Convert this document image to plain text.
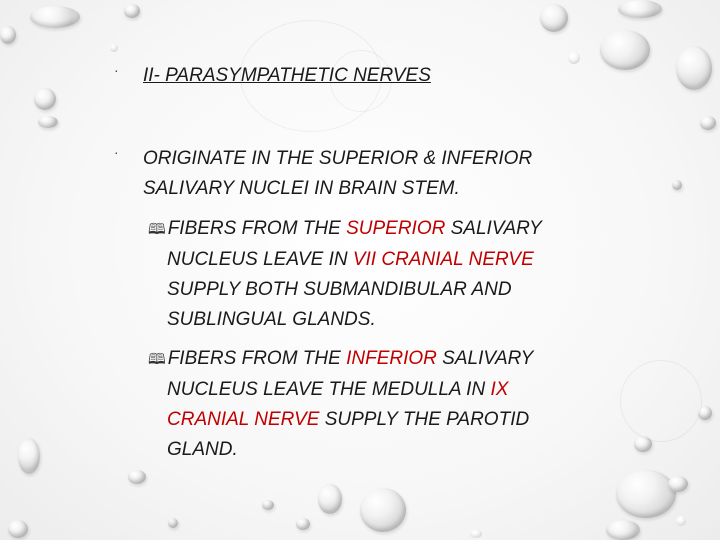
· II- PARASYMPATHETIC NERVES
· ORIGINATE IN THE SUPERIOR & INFERIOR
SALIVARY NUCLEI IN BRAIN STEM.
🕮 FIBERS FROM THE SUPERIOR SALIVARY
NUCLEUS LEAVE IN VII CRANIAL NERVE
SUPPLY BOTH SUBMANDIBULAR AND
SUBLINGUAL GLANDS.
🕮 FIBERS FROM THE INFERIOR SALIVARY
NUCLEUS LEAVE THE MEDULLA IN IX
CRANIAL NERVE SUPPLY THE PAROTID
GLAND.
